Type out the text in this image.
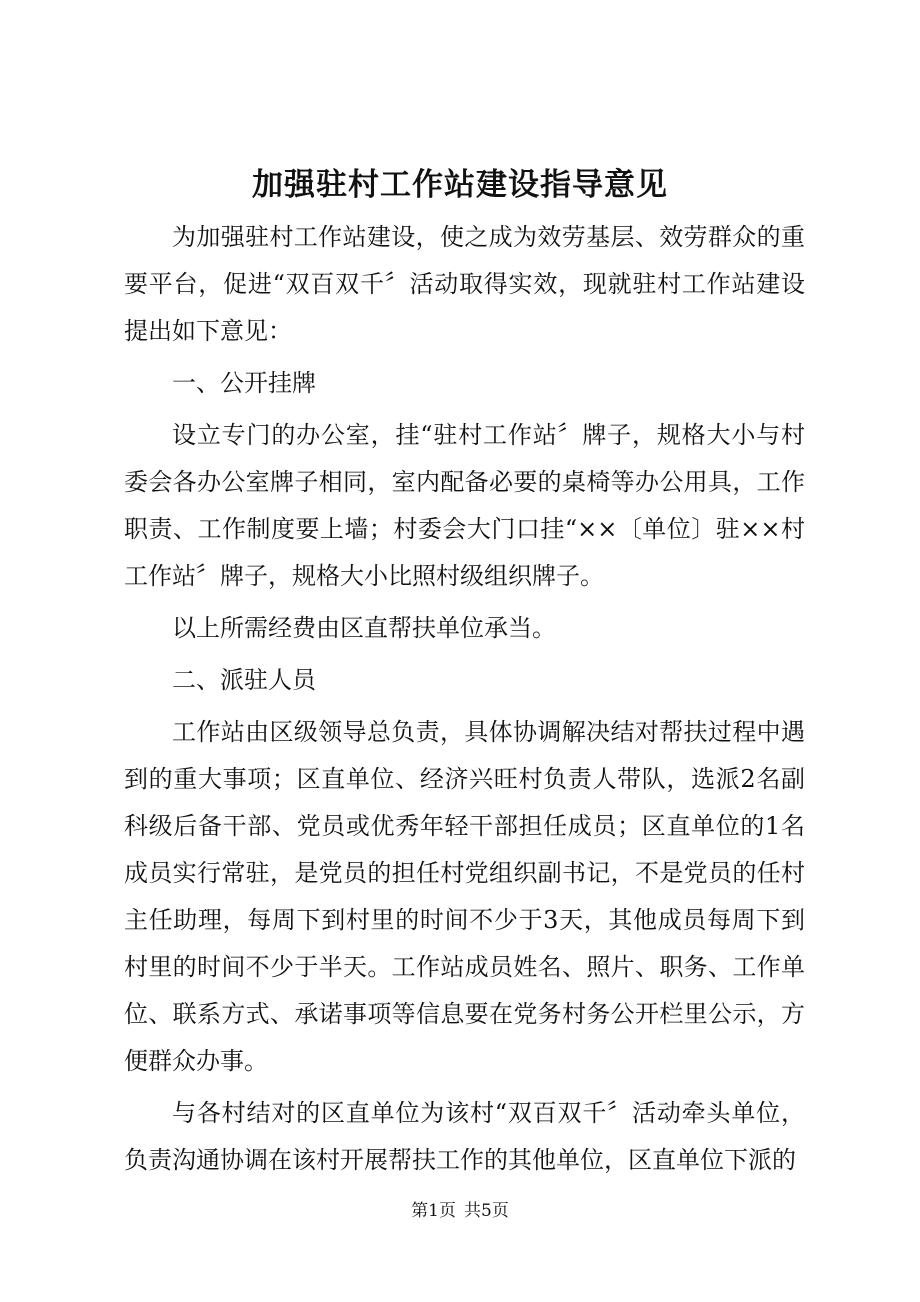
加强驻村工作站建设指导意见

为加强驻村工作站建设，使之成为效劳基层、效劳群众的重要平台，促进“双百双千〞活动取得实效，现就驻村工作站建设提出如下意见：

一、公开挂牌

设立专门的办公室，挂“驻村工作站〞牌子，规格大小与村委会各办公室牌子相同，室内配备必要的桌椅等办公用具，工作职责、工作制度要上墙；村委会大门口挂“××〔单位〕驻××村工作站〞牌子，规格大小比照村级组织牌子。

以上所需经费由区直帮扶单位承当。

二、派驻人员

工作站由区级领导总负责，具体协调解决结对帮扶过程中遇到的重大事项；区直单位、经济兴旺村负责人带队，选派2名副科级后备干部、党员或优秀年轻干部担任成员；区直单位的1名成员实行常驻，是党员的担任村党组织副书记，不是党员的任村主任助理，每周下到村里的时间不少于3天，其他成员每周下到村里的时间不少于半天。工作站成员姓名、照片、职务、工作单位、联系方式、承诺事项等信息要在党务村务公开栏里公示，方便群众办事。

与各村结对的区直单位为该村“双百双千〞活动牵头单位，负责沟通协调在该村开展帮扶工作的其他单位，区直单位下派的

第1页 共5页
